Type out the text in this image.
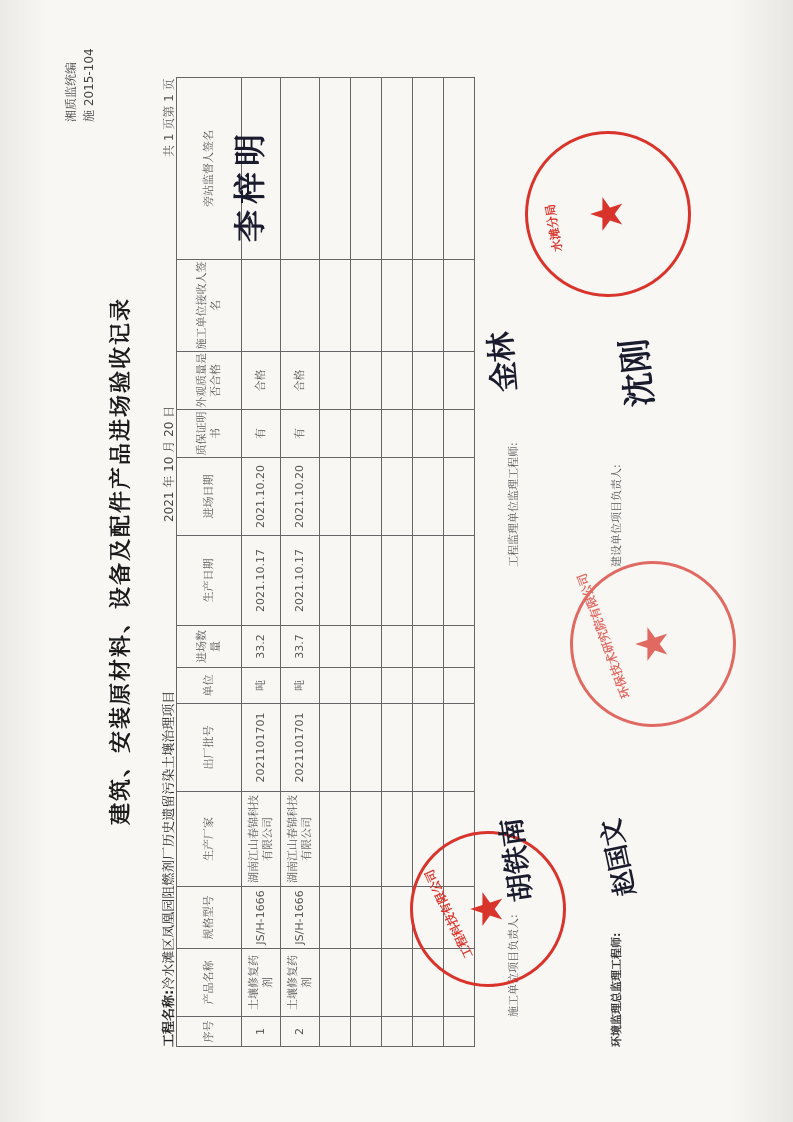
湘质监统编 施 2015-104
建筑、安装原材料、设备及配件产品进场验收记录
工程名称:冷水滩区凤凰园阻燃剂厂历史遗留污染土壤治理项目
2021 年 10 月 20 日
共 1 页第 1 页
序号	产品名称	规格型号	生产厂家	出厂批号	单位	进场数量	生产日期	进场日期	质保证明书	外观质量是否合格	施工单位接收人签名	旁站监督人签名
1	土壤修复药剂	JS/H-1666	湖南江山春锦科技有限公司	2021101701	吨	33.2	2021.10.17	2021.10.20	有	合格		
2	土壤修复药剂	JS/H-1666	湖南江山春锦科技有限公司	2021101701	吨	33.7	2021.10.17	2021.10.20	有	合格		

李梓明
施工单位项目负责人:
工程监理单位监理工程师:
环境监理总监理工程师:
建设单位项目负责人:
★
工程科技有限公司
★
环保技术研究院有限公司
★
水滩分局
胡铁南
金林
赵国文
沈刚
